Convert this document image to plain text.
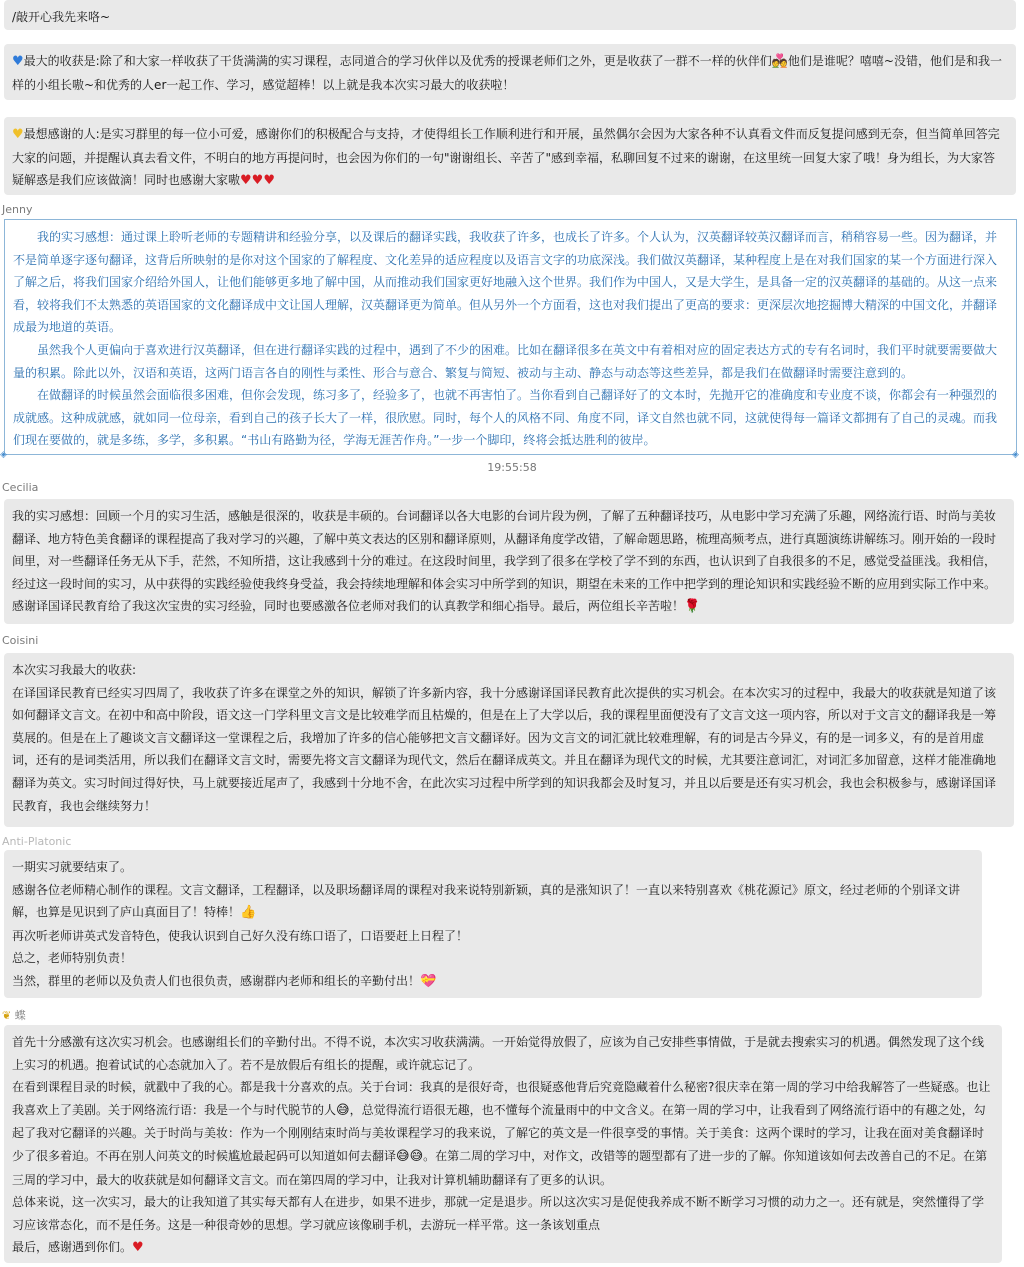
/敲开心我先来咯~

♥最大的收获是:除了和大家一样收获了干货满满的实习课程，志同道合的学习伙伴以及优秀的授课老师们之外，更是收获了一群不一样的伙伴们💑他们是谁呢？嘻嘻~没错，他们是和我一样的小组长嗷~和优秀的人er一起工作、学习，感觉超棒！以上就是我本次实习最大的收获啦！

♥最想感谢的人:是实习群里的每一位小可爱，感谢你们的积极配合与支持，才使得组长工作顺利进行和开展，虽然偶尔会因为大家各种不认真看文件而反复提问感到无奈，但当简单回答完大家的问题，并提醒认真去看文件，不明白的地方再提问时，也会因为你们的一句"谢谢组长、辛苦了"感到幸福，私聊回复不过来的谢谢，在这里统一回复大家了哦！身为组长，为大家答疑解惑是我们应该做滴！同时也感谢大家嗷♥♥♥

Jenny

我的实习感想：通过课上聆听老师的专题精讲和经验分享，以及课后的翻译实践，我收获了许多，也成长了许多。个人认为，汉英翻译较英汉翻译而言，稍稍容易一些。因为翻译，并不是简单逐字逐句翻译，这背后所映射的是你对这个国家的了解程度、文化差异的适应程度以及语言文字的功底深浅。我们做汉英翻译，某种程度上是在对我们国家的某一个方面进行深入了解之后，将我们国家介绍给外国人，让他们能够更多地了解中国，从而推动我们国家更好地融入这个世界。我们作为中国人，又是大学生，是具备一定的汉英翻译的基础的。从这一点来看，较将我们不太熟悉的英语国家的文化翻译成中文让国人理解，汉英翻译更为简单。但从另外一个方面看，这也对我们提出了更高的要求：更深层次地挖掘博大精深的中国文化，并翻译成最为地道的英语。

虽然我个人更偏向于喜欢进行汉英翻译，但在进行翻译实践的过程中，遇到了不少的困难。比如在翻译很多在英文中有着相对应的固定表达方式的专有名词时，我们平时就要需要做大量的积累。除此以外，汉语和英语，这两门语言各自的刚性与柔性、形合与意合、繁复与简短、被动与主动、静态与动态等这些差异，都是我们在做翻译时需要注意到的。

在做翻译的时候虽然会面临很多困难，但你会发现，练习多了，经验多了，也就不再害怕了。当你看到自己翻译好了的文本时，先抛开它的准确度和专业度不谈，你都会有一种强烈的成就感。这种成就感，就如同一位母亲，看到自己的孩子长大了一样，很欣慰。同时，每个人的风格不同、角度不同，译文自然也就不同，这就使得每一篇译文都拥有了自己的灵魂。而我们现在要做的，就是多练，多学，多积累。“书山有路勤为径，学海无涯苦作舟。”一步一个脚印，终将会抵达胜利的彼岸。

◈	◈
19:55:58
Cecilia

我的实习感想：回顾一个月的实习生活，感触是很深的，收获是丰硕的。台词翻译以各大电影的台词片段为例，了解了五种翻译技巧，从电影中学习充满了乐趣，网络流行语、时尚与美妆翻译、地方特色美食翻译的课程提高了我对学习的兴趣，了解中英文表达的区别和翻译原则，从翻译角度学改错，了解命题思路，梳理高频考点，进行真题演练讲解练习。刚开始的一段时间里，对一些翻译任务无从下手，茫然，不知所措，这让我感到十分的难过。在这段时间里，我学到了很多在学校了学不到的东西，也认识到了自我很多的不足，感觉受益匪浅。我相信，经过这一段时间的实习，从中获得的实践经验使我终身受益，我会持续地理解和体会实习中所学到的知识，期望在未来的工作中把学到的理论知识和实践经验不断的应用到实际工作中来。感谢译国译民教育给了我这次宝贵的实习经验，同时也要感激各位老师对我们的认真教学和细心指导。最后，两位组长辛苦啦！🌹

Coisini

本次实习我最大的收获:

在译国译民教育已经实习四周了，我收获了许多在课堂之外的知识，解锁了许多新内容，我十分感谢译国译民教育此次提供的实习机会。在本次实习的过程中，我最大的收获就是知道了该如何翻译文言文。在初中和高中阶段，语文这一门学科里文言文是比较难学而且枯燥的，但是在上了大学以后，我的课程里面便没有了文言文这一项内容，所以对于文言文的翻译我是一筹莫展的。但是在上了趣谈文言文翻译这一堂课程之后，我增加了许多的信心能够把文言文翻译好。因为文言文的词汇就比较难理解，有的词是古今异义，有的是一词多义，有的是首用虚词，还有的是词类活用，所以我们在翻译文言文时，需要先将文言文翻译为现代文，然后在翻译成英文。并且在翻译为现代文的时候，尤其要注意词汇，对词汇多加留意，这样才能准确地翻译为英文。实习时间过得好快，马上就要接近尾声了，我感到十分地不舍，在此次实习过程中所学到的知识我都会及时复习，并且以后要是还有实习机会，我也会积极参与，感谢译国译民教育，我也会继续努力！

Anti-Platonic

一期实习就要结束了。

感谢各位老师精心制作的课程。文言文翻译，工程翻译，以及职场翻译周的课程对我来说特别新颖，真的是涨知识了！一直以来特别喜欢《桃花源记》原文，经过老师的个别译文讲解，也算是见识到了庐山真面目了！特棒！👍

再次听老师讲英式发音特色，使我认识到自己好久没有练口语了，口语要赶上日程了！

总之，老师特别负责！

当然，群里的老师以及负责人们也很负责，感谢群内老师和组长的辛勤付出！💝

❦ 蝶

首先十分感激有这次实习机会。也感谢组长们的辛勤付出。不得不说，本次实习收获满满。一开始觉得放假了，应该为自己安排些事情做，于是就去搜索实习的机遇。偶然发现了这个线上实习的机遇。抱着试试的心态就加入了。若不是放假后有组长的提醒，或许就忘记了。

在看到课程目录的时候，就戳中了我的心。都是我十分喜欢的点。关于台词：我真的是很好奇，也很疑惑他背后究竟隐藏着什么秘密?很庆幸在第一周的学习中给我解答了一些疑惑。也让我喜欢上了美剧。关于网络流行语：我是一个与时代脱节的人😅，总觉得流行语很无趣，也不懂每个流量雨中的中文含义。在第一周的学习中，让我看到了网络流行语中的有趣之处，勾起了我对它翻译的兴趣。关于时尚与美妆：作为一个刚刚结束时尚与美妆课程学习的我来说，了解它的英文是一件很享受的事情。关于美食：这两个课时的学习，让我在面对美食翻译时少了很多着迫。不再在别人问英文的时候尴尬最起码可以知道如何去翻译😅😅。在第二周的学习中，对作文，改错等的题型都有了进一步的了解。你知道该如何去改善自己的不足。在第三周的学习中，最大的收获就是如何翻译文言文。而在第四周的学习中，让我对计算机辅助翻译有了更多的认识。

总体来说，这一次实习，最大的让我知道了其实每天都有人在进步，如果不进步，那就一定是退步。所以这次实习是促使我养成不断不断学习习惯的动力之一。还有就是，突然懂得了学习应该常态化，而不是任务。这是一种很奇妙的思想。学习就应该像刷手机，去游玩一样平常。这一条该划重点

最后，感谢遇到你们。♥
